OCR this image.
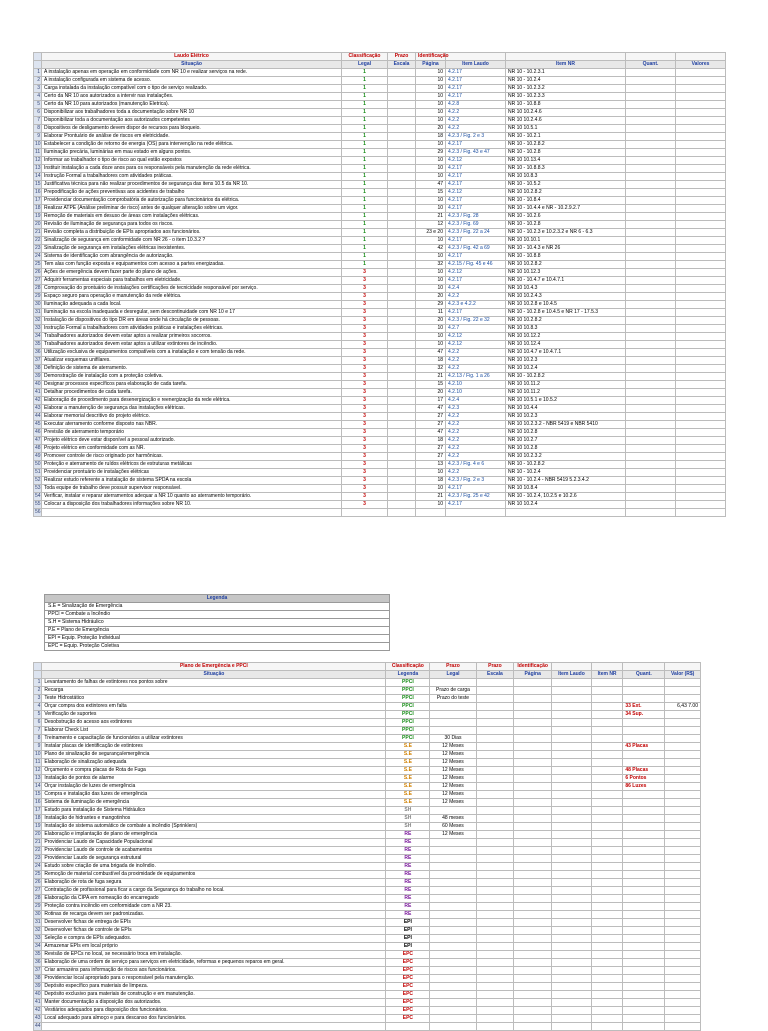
	Laudo Elétrico	Classificação	Prazo	Identificação				
	Situação	Legal	Escala	Página	Item Laudo	Item NR	Quant.	Valores
1	A instalação apenas em operação em conformidade com NR 10 e realizar serviços na rede.	1		10	4.2.17	NR 10 - 10.2.3.1		
2	A instalação configurada em sistema de acesso.	1		10	4.2.17	NR 10 - 10.2.4		
3	Carga instalada da instalação compatível com o tipo de serviço realizado.	1		10	4.2.17	NR 10 - 10.2.3.2		
4	Certo da NR 10 aos autorizados a intervir nas instalações.	1		10	4.2.17	NR 10 - 10.2.3.3		
5	Certo da NR 10 para autorizados (manutenção Eletrica).	1		10	4.2.8	NR 10 - 10.8.8		
6	Disponibilizar aos trabalhadores toda a documentação sobre NR 10	1		10	4.2.2	NR 10 10.2.4.6		
7	Disponibilizar toda a documentação aos autorizados competentes	1		10	4.2.2	NR 10 10.2.4.6		
8	Dispositivos de desligamento devem dispor de recursos para bloqueio.	1		20	4.2.2	NR 10 10.5.1		
9	Elaborar Prontuário de análise de riscos em eletricidade.	1		18	4.2.3 / Fig. 2 e 3	NR 10 - 10.2.1		
10	Estabelecer a condição de retorno de energia (OS) para intervenção na rede elétrica.	1		10	4.2.17	NR 10 - 10.2.8.2		
11	Iluminação precária, luminárias em mau estado em alguns pontos.	1		29	4.2.3 / Fig. 43 e 47	NR 10 - 10.2.8		
12	Informar ao trabalhador o tipo de risco ao qual estão expostos	1		10	4.2.12	NR 10 10.13.4		
13	Instituir instalação a cada doze anos para os responsáveis pela manutenção da rede elétrica.	1		10	4.2.17	NR 10 - 10.8.8.3		
14	Instrução Formal a trabalhadores com atividades práticas.	1		10	4.2.17	NR 10 10.8.3		
15	Justificativa técnica para não realizar procedimentos de segurança das itens 10.5 da NR 10.	1		47	4.2.17	NR 10 - 10.5.2		
16	Prepodificação de ações preventivas aos acidentes de trabalho	1		15	4.2.12	NR 10 10.2.8.2		
17	Providenciar documentação comprobatória de autorização para funcionários da elétrica.	1		10	4.2.17	NR 10 - 10.8.4		
18	Realizar ATPE (Análise preliminar de risco) antes de qualquer alteração sobre um vigor.	1		10	4.2.17	NR 10 - 10.4.4 e NR - 10.2.9.2.7		
19	Remoção de materiais em desuso de áreas com instalações elétricas.	1		21	4.2.3 / Fig. 28	NR 10 - 10.2.6		
20	Revisão de iluminação de segurança para todos os riscos.	1		12	4.2.3 / Fig. 69	NR 10 - 10.2.8		
21	Revisão completa a distribuição de EPIs apropriados aos funcionários.	1		23 e 20	4.2.3 / Fig. 22 a 24	NR 10 - 10.2.3 e 10.2.3.2 e NR 6 - 6.3		
22	Sinalização de segurança em conformidade com NR 26 - o item 10.3.2 ?	1		10	4.2.17	NR 10 10.10.1		
23	Sinalização de segurança em instalações elétricas inexistentes.	1		42	4.2.3 / Fig. 42 a 69	NR 10 - 10.4.3 e NR 26		
24	Sistema de identificação com abrangência de autorização.	1		10	4.2.17	NR 10 - 10.8.8		
25	Tem alas com função exposta e equipamentos com acesso a partes energizadas.	1		32	4.2.15 / Fig. 45 e 46	NR 10 10.2.8.2		
26	Ações de emergência devem fazer parte do plano de ações.	3		10	4.2.12	NR 10 10.12.3		
27	Adquirir ferramentas especiais para trabalhos em eletricidade.	3		10	4.2.17	NR 10 - 10.4.7 e 10.4.7.1		
28	Comprovação do prontuário de instalações certificações de tecnicidade responsável por serviço.	3		10	4.2.4	NR 10 10.4.3		
29	Espaço seguro para operação e manutenção da rede elétrica.	3		20	4.2.2	NR 10 10.2.4.3		
30	Iluminação adequada a cada local.	3		29	4.2.3 e 4.2.2	NR 10 10.2.8 e 10.4.5		
31	Iluminação na escola inadequada e desregular, sem descontinuidade com NR 10 e 17	3		11	4.2.17	NR 10 - 10.2.8 e 10.4.5 e NR 17 - 17.5.3		
32	Instalação de dispositivos do tipo DR em áreas onde há circulação de pessoas.	3		20	4.2.3 / Fig. 22 e 32	NR 10 10.2.8.2		
33	Instrução Formal a trabalhadores com atividades práticas e instalações elétricas.	3		10	4.2.7	NR 10 10.8.3		
34	Trabalhadores autorizados devem estar aptos a realizar primeiros socorros.	3		10	4.2.12	NR 10 10.12.2		
35	Trabalhadores autorizados devem estar aptos a utilizar extintores de incêndio.	3		10	4.2.12	NR 10 10.12.4		
36	Utilização exclusiva de equipamentos compatíveis com a instalação e com tensão da rede.	3		47	4.2.2	NR 10 10.4.7 e 10.4.7.1		
37	Atualizar esquemas unifilares.	3		18	4.2.2	NR 10 10.2.3		
38	Definição de sistema de aterramento.	3		32	4.2.2	NR 10 10.2.4		
39	Demonstração de instalação com a proteção coletiva.	3		21	4.2.13 / Fig. 1 a 26	NR 10 - 10.2.8.2		
40	Designar processos específicos para elaboração de cada tarefa.	3		15	4.2.10	NR 10 10.11.2		
41	Detalhar procedimentos de cada tarefa.	3		20	4.2.10	NR 10 10.11.2		
42	Elaboração de procedimento para desenergização e reenergização da rede elétrica.	3		17	4.2.4	NR 10 10.5.1 e 10.5.2		
43	Elaborar a manutenção de segurança das instalações elétricas.	3		47	4.2.3	NR 10 10.4.4		
44	Elaborar memorial descritivo do projeto elétrico.	3		27	4.2.2	NR 10 10.2.3		
45	Executar aterramento conforme disposto nas NBR.	3		27	4.2.2	NR 10 10.2.3.2 - NBR 5419 e NBR 5410		
46	Previsão de aterramento temporário	3		47	4.2.2	NR 10 10.2.8		
47	Projeto elétrico deve estar disponível a pessoal autorizado.	3		18	4.2.2	NR 10 10.2.7		
48	Projeto elétrico em conformidade com as NR.	3		27	4.2.2	NR 10 10.2.8		
49	Promover controle de risco originado por harmônicas.	3		27	4.2.2	NR 10 10.2.3.2		
50	Proteção e aterramento de ruídos elétricos de estruturas metálicas	3		13	4.2.3 / Fig. 4 e 6	NR 10 - 10.2.8.2		
51	Providenciar prontuário de instalações elétricas	3		10	4.2.2	NR 10 - 10.2.4		
52	Realizar estudo referente a instalação de sistema SPDA na escola	3		18	4.2.3 / Fig. 2 e 3	NR 10 - 10.2.4 - NBR 5419 5.2.3.4.2		
53	Toda equipe de trabalho deve possuir supervisor responsável.	3		10	4.2.17	NR 10 10.8.4		
54	Verificar, instalar e reparar aterramentos adequar a NR 10 quanto ao aterramento temporário.	3		21	4.2.3 / Fig. 25 e 42	NR 10 - 10.2.4, 10.2.5 e 10.2.6		
55	Colocar a disposição dos trabalhadores informações sobre NR 10.	3		10	4.2.17	NR 10 10.2.4		
56								
Legenda
S.E = Sinalização de Emergência
PPCI = Combate a Incêndio
S.H = Sistema Hidráulico
P.E = Plano de Emergência
EPI = Equip. Proteção Individual
EPC = Equip. Proteção Coletiva
	Plano de Emergência e PPCI	Classificação	Prazo	Prazo	Identificação				
	Situação	Legenda	Legal	Escala	Página	Item Laudo	Item NR	Quant.	Valor (R$)
1	Levantamento de falhas de extintores nos pontos sobre	PPCI							
2	Recarga	PPCI	Prazo de carga						
3	Teste Hidrostático	PPCI	Prazo do teste						
4	Orçar compra dos extintores em falta	PPCI						33 Ext.	6,43 7.00
5	Verificação de suportes	PPCI						34 Sup.	
6	Desobstrução do acesso aos extintores	PPCI							
7	Elaborar Check List	PPCI							
8	Treinamento e capacitação de funcionários a utilizar extintores	PPCI	30 Dias						
9	Instalar placas de identificação de extintores	S.E	12 Meses					43 Placas	
10	Plano de sinalização de segurança/emergência	S.E	12 Meses						
11	Elaboração de sinalização adequada	S.E	12 Meses						
12	Orçamento e compra placas de Rota de Fuga	S.E	12 Meses					48 Placas	
13	Instalação de pontos de alarme	S.E	12 Meses					6 Pontos	
14	Orçar instalação de luzes de emergência	S.E	12 Meses					86 Luzes	
15	Compra e instalação das luzes de emergência	S.E	12 Meses						
16	Sistema de iluminação de emergência	S.E	12 Meses						
17	Estudo para instalação de Sistema Hidráulico	SH							
18	Instalação de hidrantes e mangotinhos	SH	48 meses						
19	Instalação de sistema automático de combate a incêndio (Sprinklers)	SH	60 Meses						
20	Elaboração e implantação de plano de emergência	RE	12 Meses						
21	Providenciar Laudo de Capacidade Populacional	RE							
22	Providenciar Laudo de controle de acabamentos	RE							
23	Providenciar Laudo de segurança estrutural	RE							
24	Estudo sobre criação de uma brigada de incêndio.	RE							
25	Remoção de material combustível da proximidade de equipamentos	RE							
26	Elaboração de rota de fuga segura	RE							
27	Contratação de profissional para ficar a cargo da Segurança do trabalho no local.	RE							
28	Elaboração da CIPA em nomeação do encarregado	RE							
29	Proteção contra incêndio em conformidade com a NR 23.	RE							
30	Rotinas de recarga devem ser padronizadas.	RE							
31	Desenvolver fichas de entrega de EPIs	EPI							
32	Desenvolver fichas de controle de EPIs	EPI							
33	Seleção e compra de EPIs adequados.	EPI							
34	Armazenar EPIs em local próprio	EPI							
35	Revisão de EPCs no local, se necessário troca em instalação.	EPC							
36	Elaboração de uma ordem de serviço para serviços em eletricidade, reformas e pequenos reparos em geral.	EPC							
37	Criar armazéns para informação de riscos aos funcionários.	EPC							
38	Providenciar local apropriado para o responsável pela manutenção.	EPC							
39	Depósito específico para materiais de limpeza.	EPC							
40	Depósito exclusivo para materiais de construção e em manutenção.	EPC							
41	Manter documentação a disposição dos autorizados.	EPC							
42	Vestiários adequados para disposição dos funcionários.	EPC							
43	Local adequado para almoço e para descanso dos funcionários.	EPC							
44									
